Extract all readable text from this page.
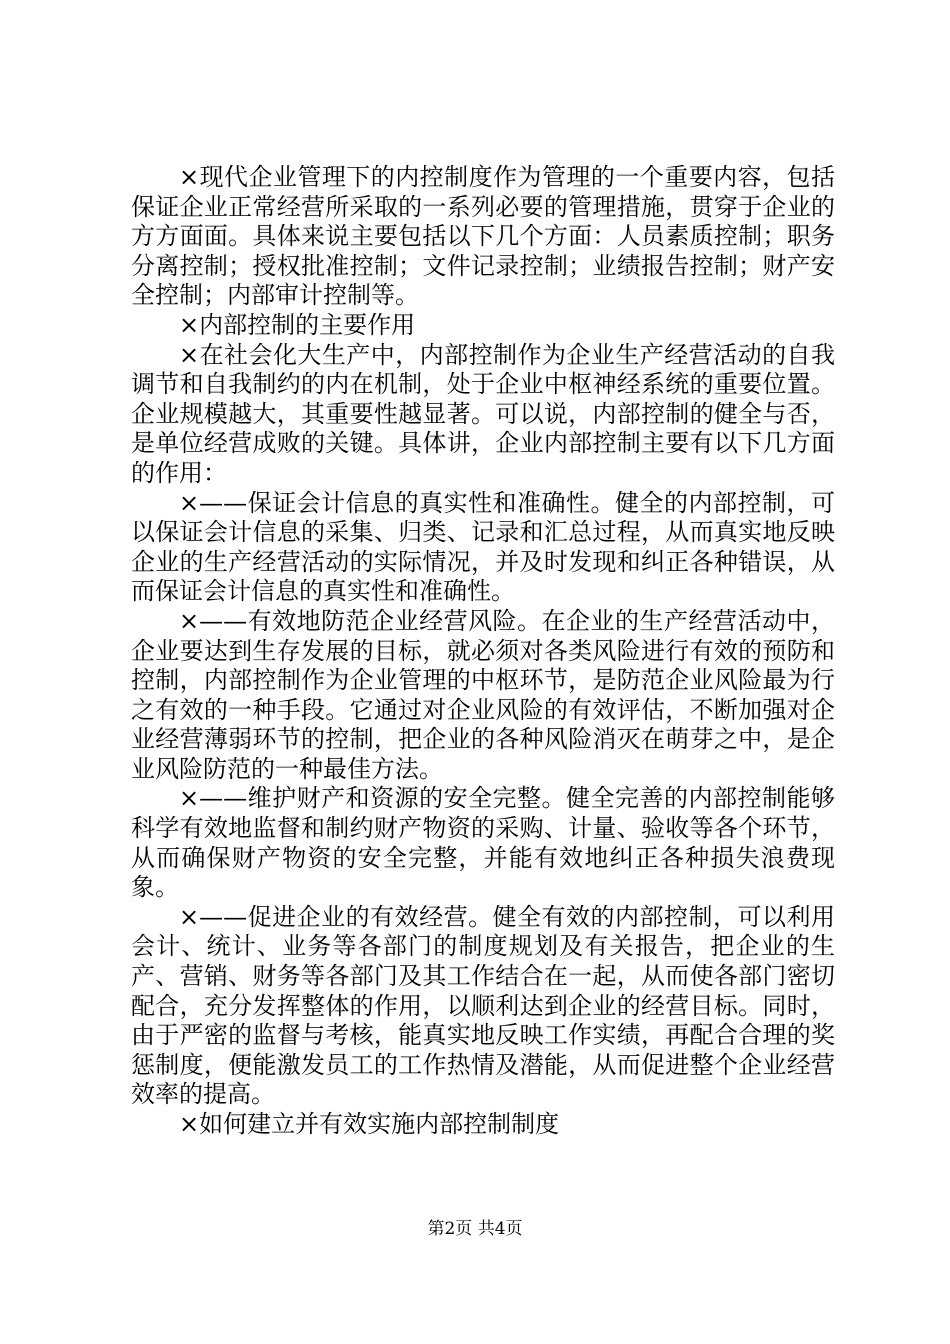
×现代企业管理下的内控制度作为管理的一个重要内容，包括保证企业正常经营所采取的一系列必要的管理措施，贯穿于企业的方方面面。具体来说主要包括以下几个方面：人员素质控制；职务分离控制；授权批准控制；文件记录控制；业绩报告控制；财产安全控制；内部审计控制等。

×内部控制的主要作用

×在社会化大生产中，内部控制作为企业生产经营活动的自我调节和自我制约的内在机制，处于企业中枢神经系统的重要位置。企业规模越大，其重要性越显著。可以说，内部控制的健全与否，是单位经营成败的关键。具体讲，企业内部控制主要有以下几方面的作用：

×——保证会计信息的真实性和准确性。健全的内部控制，可以保证会计信息的采集、归类、记录和汇总过程，从而真实地反映企业的生产经营活动的实际情况，并及时发现和纠正各种错误，从而保证会计信息的真实性和准确性。

×——有效地防范企业经营风险。在企业的生产经营活动中，企业要达到生存发展的目标，就必须对各类风险进行有效的预防和控制，内部控制作为企业管理的中枢环节，是防范企业风险最为行之有效的一种手段。它通过对企业风险的有效评估，不断加强对企业经营薄弱环节的控制，把企业的各种风险消灭在萌芽之中，是企业风险防范的一种最佳方法。

×——维护财产和资源的安全完整。健全完善的内部控制能够科学有效地监督和制约财产物资的采购、计量、验收等各个环节，从而确保财产物资的安全完整，并能有效地纠正各种损失浪费现象。

×——促进企业的有效经营。健全有效的内部控制，可以利用会计、统计、业务等各部门的制度规划及有关报告，把企业的生产、营销、财务等各部门及其工作结合在一起，从而使各部门密切配合，充分发挥整体的作用，以顺利达到企业的经营目标。同时，由于严密的监督与考核，能真实地反映工作实绩，再配合合理的奖惩制度，便能激发员工的工作热情及潜能，从而促进整个企业经营效率的提高。

×如何建立并有效实施内部控制制度

第2页 共4页
